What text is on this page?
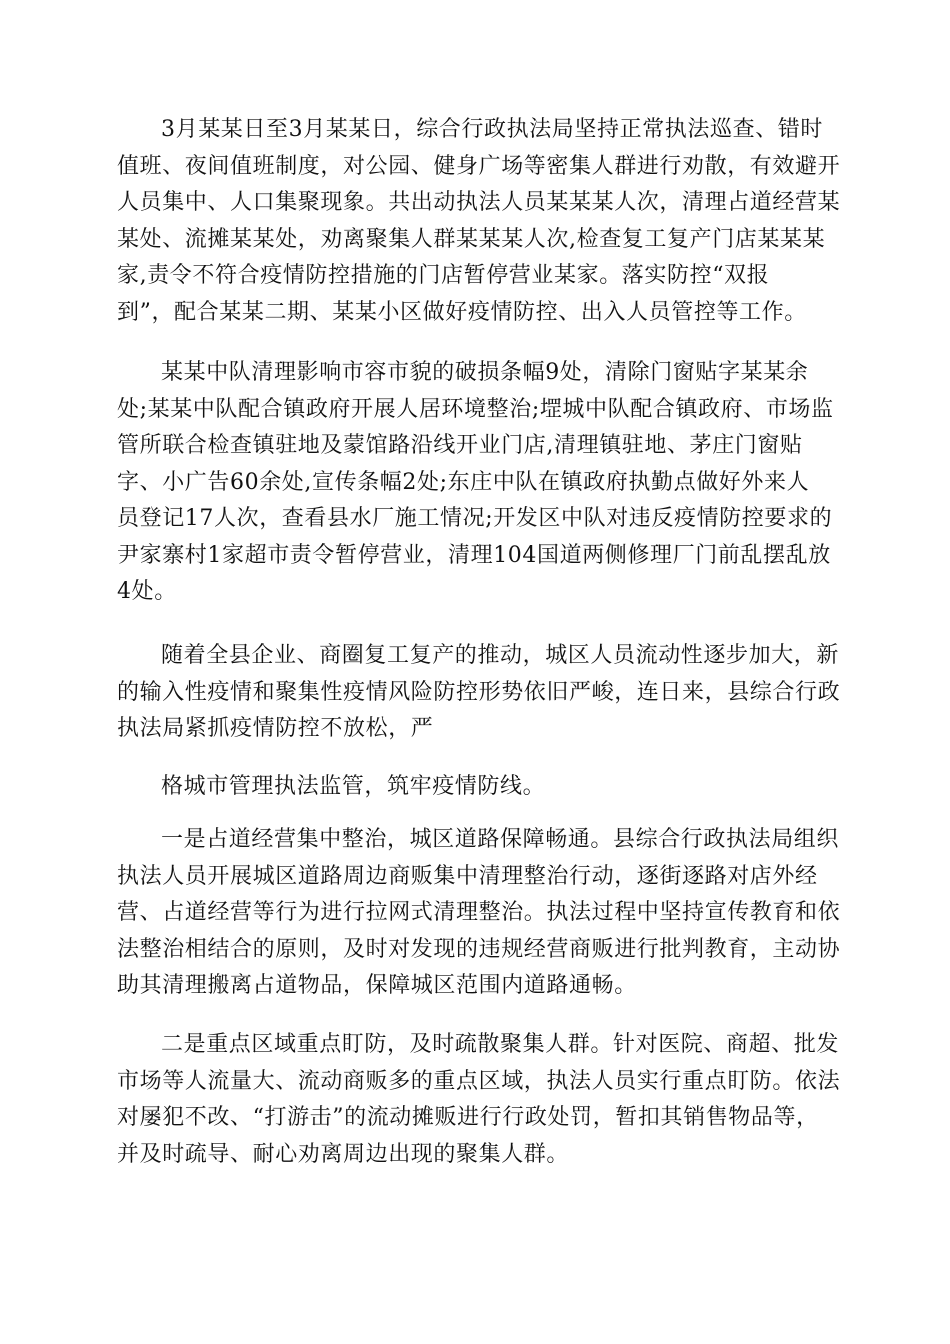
3月某某日至3月某某日，综合行政执法局坚持正常执法巡查、错时
值班、夜间值班制度，对公园、健身广场等密集人群进行劝散，有效避开
人员集中、人口集聚现象。共出动执法人员某某某人次，清理占道经营某
某处、流摊某某处，劝离聚集人群某某某人次,检查复工复产门店某某某
家,责令不符合疫情防控措施的门店暂停营业某家。落实防控“双报
到”，配合某某二期、某某小区做好疫情防控、出入人员管控等工作。

某某中队清理影响市容市貌的破损条幅9处，清除门窗贴字某某余
处;某某中队配合镇政府开展人居环境整治;堽城中队配合镇政府、市场监
管所联合检查镇驻地及蒙馆路沿线开业门店,清理镇驻地、茅庄门窗贴
字、小广告60余处,宣传条幅2处;东庄中队在镇政府执勤点做好外来人
员登记17人次，查看县水厂施工情况;开发区中队对违反疫情防控要求的
尹家寨村1家超市责令暂停营业，清理104国道两侧修理厂门前乱摆乱放
4处。

随着全县企业、商圈复工复产的推动，城区人员流动性逐步加大，新
的输入性疫情和聚集性疫情风险防控形势依旧严峻，连日来，县综合行政
执法局紧抓疫情防控不放松，严

格城市管理执法监管，筑牢疫情防线。

一是占道经营集中整治，城区道路保障畅通。县综合行政执法局组织
执法人员开展城区道路周边商贩集中清理整治行动，逐街逐路对店外经
营、占道经营等行为进行拉网式清理整治。执法过程中坚持宣传教育和依
法整治相结合的原则，及时对发现的违规经营商贩进行批判教育，主动协
助其清理搬离占道物品，保障城区范围内道路通畅。

二是重点区域重点盯防，及时疏散聚集人群。针对医院、商超、批发
市场等人流量大、流动商贩多的重点区域，执法人员实行重点盯防。依法
对屡犯不改、“打游击”的流动摊贩进行行政处罚，暂扣其销售物品等，
并及时疏导、耐心劝离周边出现的聚集人群。
